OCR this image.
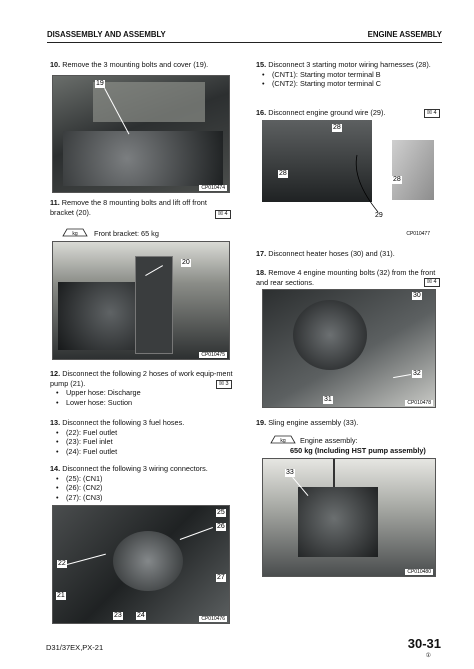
DISASSEMBLY AND ASSEMBLY	ENGINE ASSEMBLY
10. Remove the 3 mounting bolts and cover (19).
19
CP010474
11. Remove the 8 mounting bolts and lift off front bracket (20).	☒ 4
kg Front bracket: 65 kg
20
CP010475
12. Disconnect the following 2 hoses of work equip-ment pump (21).
• Upper hose: Discharge
• Lower hose: Suction
☒ 3
13. Disconnect the following 3 fuel hoses.
• (22): Fuel outlet
• (23): Fuel inlet
• (24): Fuel outlet
14. Disconnect the following 3 wiring connectors.
• (25): (CN1)
• (26): (CN2)
• (27): (CN3)
25
26
22
27
21
23 24	CP010476
15. Disconnect 3 starting motor wiring harnesses (28).
• (CNT1): Starting motor terminal B
• (CNT2): Starting motor terminal C
16. Disconnect engine ground wire (29).	☒ 4
28
28
28
29
CP010477
17. Disconnect heater hoses (30) and (31).
18. Remove 4 engine mounting bolts (32) from the front and rear sections.	☒ 4
30
32
31	CP010478
19. Sling engine assembly (33).
kg Engine assembly:
650 kg (Including HST pump assembly)
33
CP010480
D31/37EX,PX-21	30-31
①
